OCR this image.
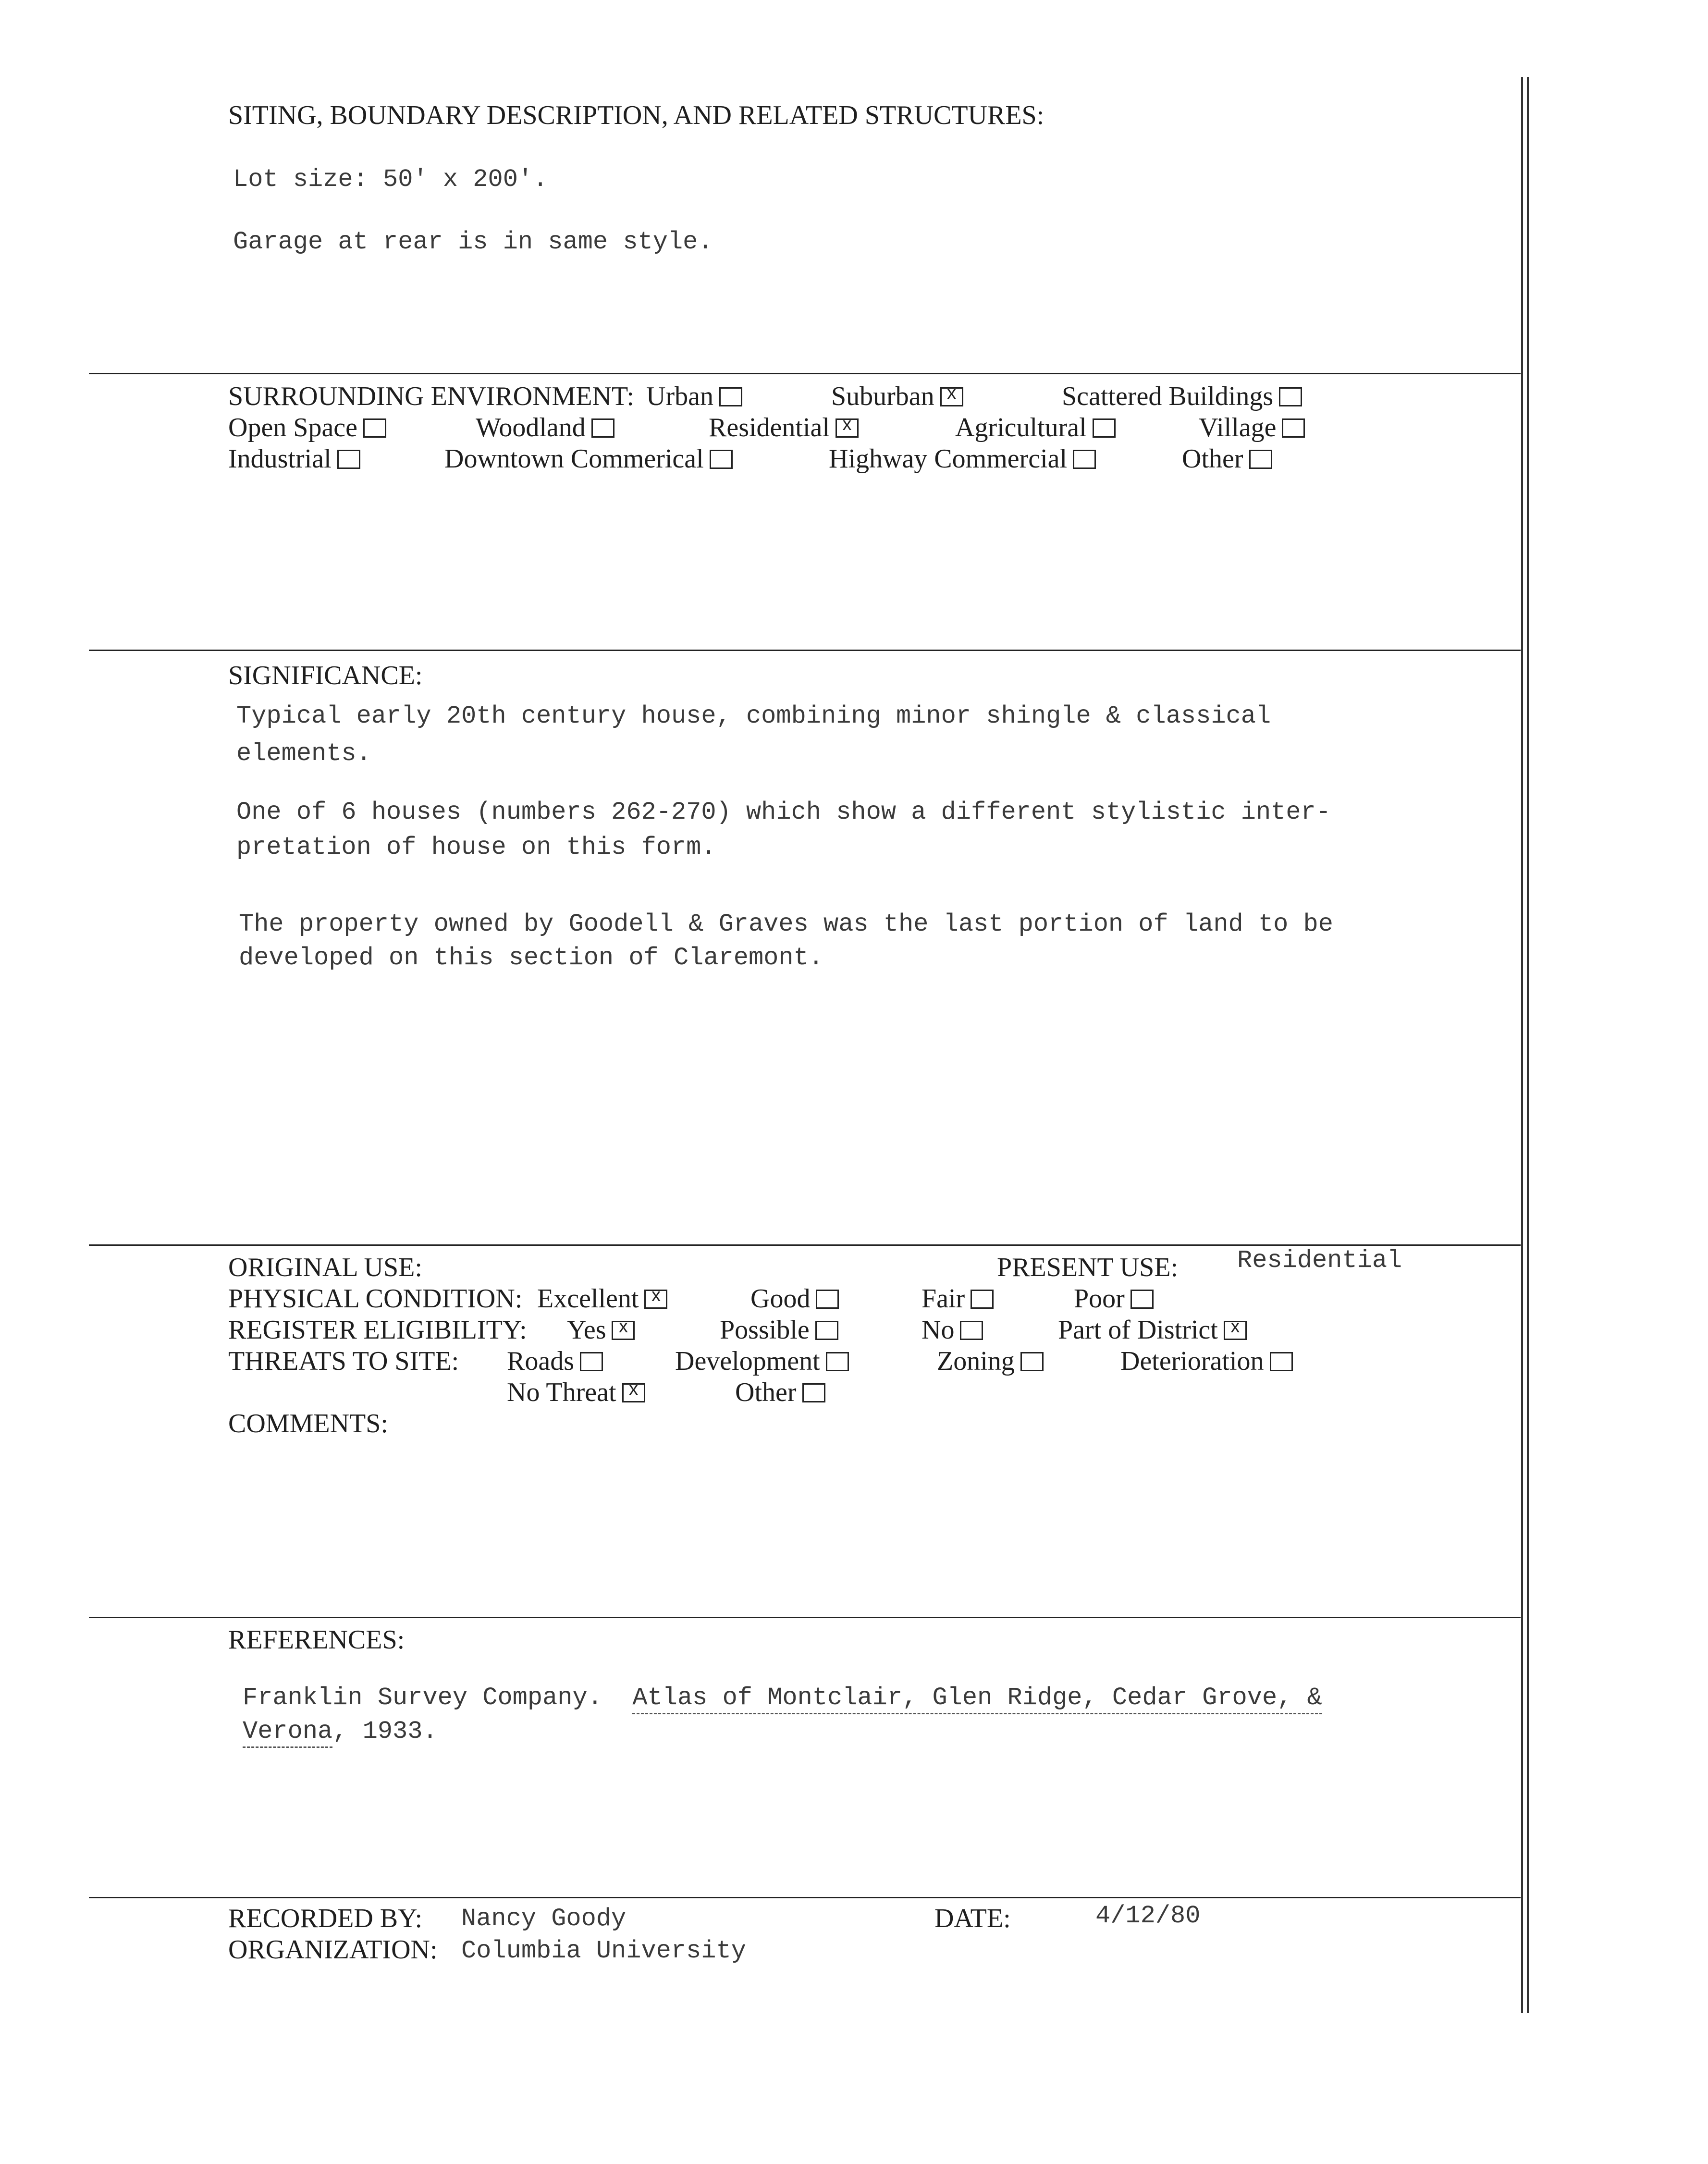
SITING, BOUNDARY DESCRIPTION, AND RELATED STRUCTURES:
Lot size: 50' x 200'.
Garage at rear is in same style.
SURROUNDING ENVIRONMENT: Urban	Suburban x	Scattered Buildings
Open Space	Woodland	Residential x	Agricultural	Village
Industrial	Downtown Commerical	Highway Commercial	Other
SIGNIFICANCE:
Typical early 20th century house, combining minor shingle & classical
elements.
One of 6 houses (numbers 262-270) which show a different stylistic inter-
pretation of house on this form.
The property owned by Goodell & Graves was the last portion of land to be
developed on this section of Claremont.
ORIGINAL USE:	PRESENT USE: Residential
PHYSICAL CONDITION: Excellent x	Good	Fair	Poor
REGISTER ELIGIBILITY: Yes x	Possible	No	Part of District x
THREATS TO SITE: Roads	Development	Zoning	Deterioration
No Threat x	Other
COMMENTS:
REFERENCES:
Franklin Survey Company. Atlas of Montclair, Glen Ridge, Cedar Grove, &
Verona, 1933.
RECORDED BY: Nancy Goody
ORGANIZATION: Columbia University
DATE:	4/12/80
